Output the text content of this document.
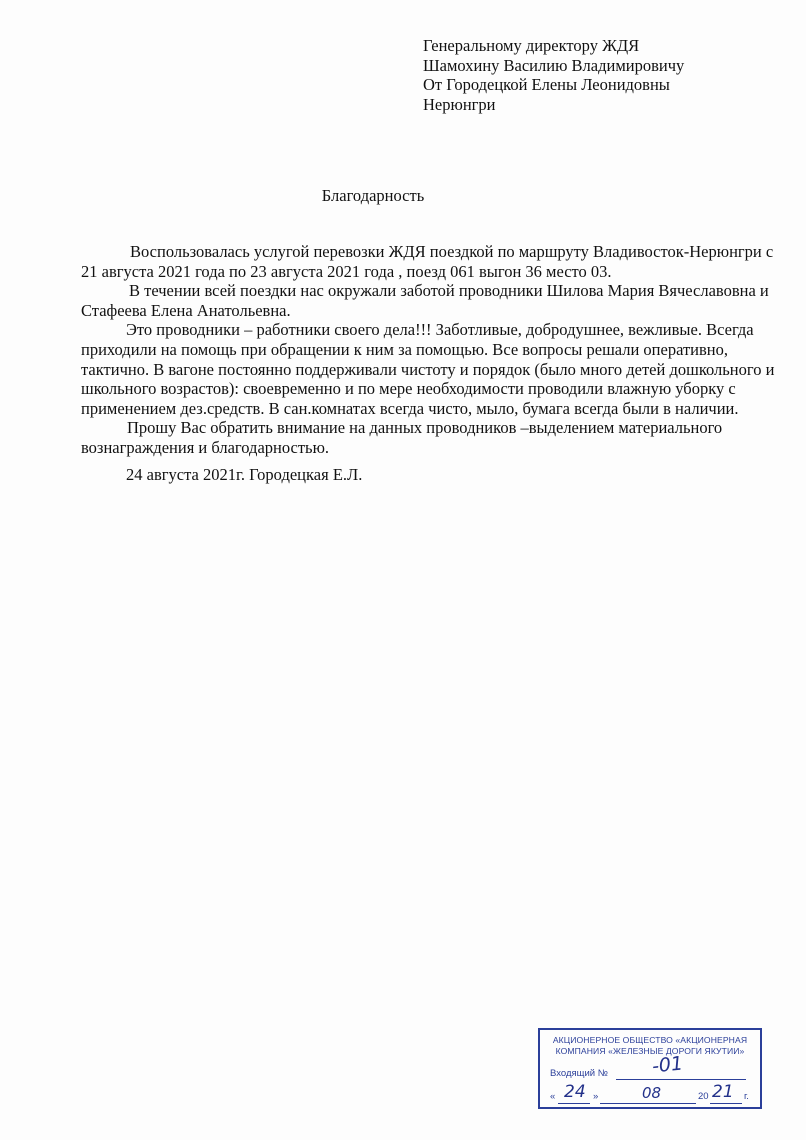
Генеральному директору ЖДЯ
Шамохину Василию Владимировичу
От Городецкой Елены Леонидовны
Нерюнгри
Благодарность
Воспользовалась услугой перевозки ЖДЯ поездкой по маршруту Владивосток-Нерюнгри с
21 августа 2021 года по 23 августа 2021 года , поезд 061 выгон 36 место 03.
В течении всей поездки нас окружали заботой проводники Шилова Мария Вячеславовна и
Стафеева Елена Анатольевна.
Это проводники – работники своего дела!!! Заботливые, добродушнее, вежливые. Всегда
приходили на помощь при обращении к ним за помощью. Все вопросы решали оперативно,
тактично. В вагоне постоянно поддерживали чистоту и порядок (было много детей дошкольного и
школьного возрастов): своевременно и по мере необходимости проводили влажную уборку с
применением дез.средств. В сан.комнатах всегда чисто, мыло, бумага всегда были в наличии.
Прошу Вас обратить внимание на данных проводников –выделением материального
вознаграждения и благодарностью.
24 августа 2021г. Городецкая Е.Л.
АКЦИОНЕРНОЕ ОБЩЕСТВО «АКЦИОНЕРНАЯ
КОМПАНИЯ «ЖЕЛЕЗНЫЕ ДОРОГИ ЯКУТИИ»
Входящий № -01
« 24 »	08	20 21 г.
